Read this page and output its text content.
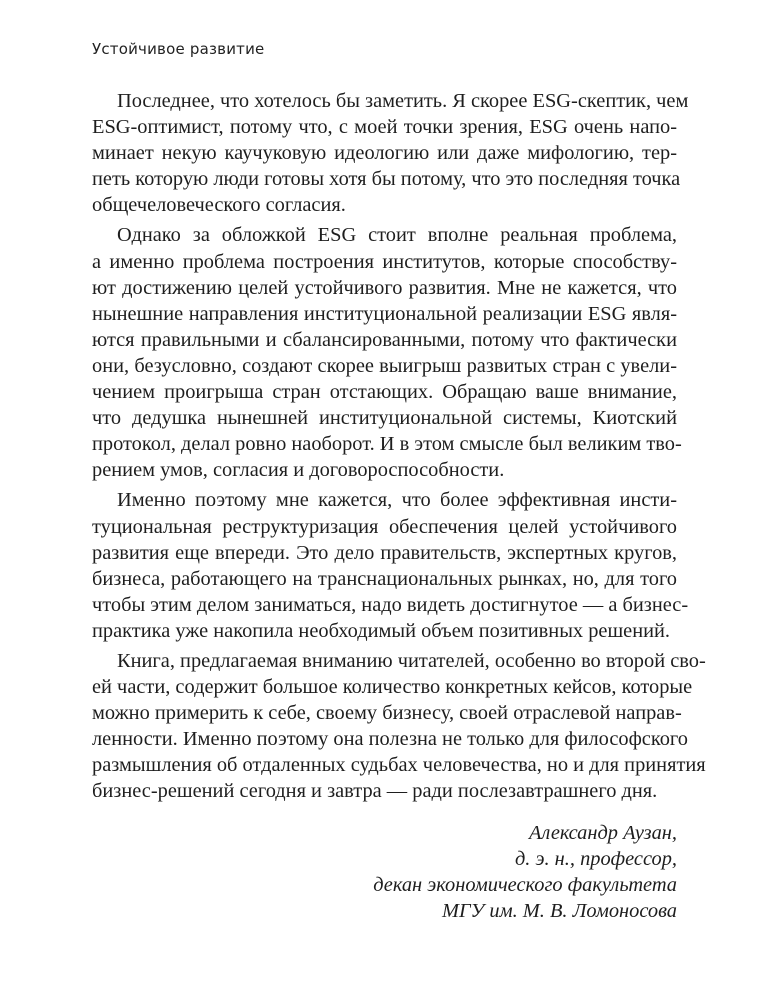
Устойчивое развитие

Последнее, что хотелось бы заметить. Я скорее ESG-скептик, чем
ESG-оптимист, потому что, с моей точки зрения, ESG очень напо-
минает некую каучуковую идеологию или даже мифологию, тер-
петь которую люди готовы хотя бы потому, что это последняя точка
общечеловеческого согласия.

Однако за обложкой ESG стоит вполне реальная проблема,
а именно проблема построения институтов, которые способству-
ют достижению целей устойчивого развития. Мне не кажется, что
нынешние направления институциональной реализации ESG явля-
ются правильными и сбалансированными, потому что фактически
они, безусловно, создают скорее выигрыш развитых стран с увели-
чением проигрыша стран отстающих. Обращаю ваше внимание,
что дедушка нынешней институциональной системы, Киотский
протокол, делал ровно наоборот. И в этом смысле был великим тво-
рением умов, согласия и договороспособности.

Именно поэтому мне кажется, что более эффективная инсти-
туциональная реструктуризация обеспечения целей устойчивого
развития еще впереди. Это дело правительств, экспертных кругов,
бизнеса, работающего на транснациональных рынках, но, для того
чтобы этим делом заниматься, надо видеть достигнутое — а бизнес-
практика уже накопила необходимый объем позитивных решений.

Книга, предлагаемая вниманию читателей, особенно во второй сво-
ей части, содержит большое количество конкретных кейсов, которые
можно примерить к себе, своему бизнесу, своей отраслевой направ-
ленности. Именно поэтому она полезна не только для философского
размышления об отдаленных судьбах человечества, но и для принятия
бизнес-решений сегодня и завтра — ради послезавтрашнего дня.

Александр Аузан,
д. э. н., профессор,
декан экономического факультета
МГУ им. М. В. Ломоносова
